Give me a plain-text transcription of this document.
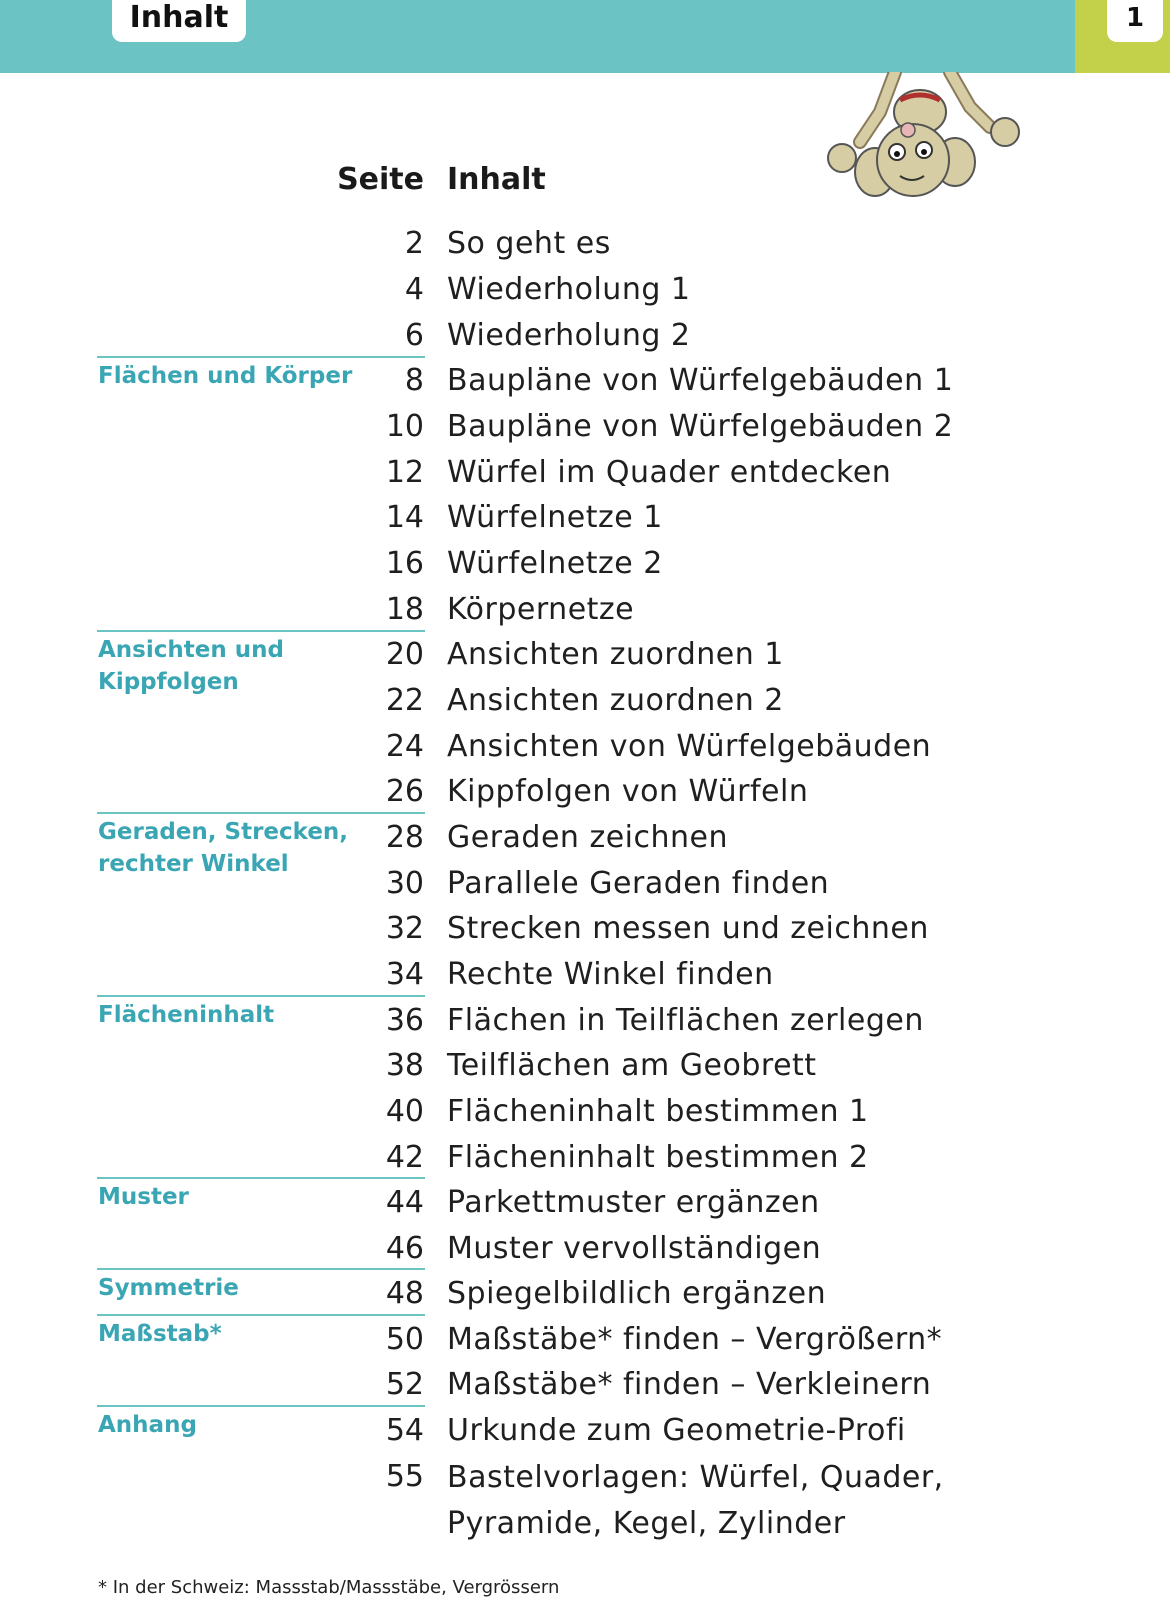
Inhalt	1
Seite Inhalt
2 So geht es
4 Wiederholung 1
6 Wiederholung 2
Flächen und Körper	8 Baupläne von Würfelgebäuden 1
10 Baupläne von Würfelgebäuden 2
12 Würfel im Quader entdecken
14 Würfelnetze 1
16 Würfelnetze 2
18 Körpernetze
Ansichten und Kippfolgen
20 Ansichten zuordnen 1
22 Ansichten zuordnen 2
24 Ansichten von Würfelgebäuden
26 Kippfolgen von Würfeln
Geraden, Strecken, rechter Winkel
28 Geraden zeichnen
30 Parallele Geraden finden
32 Strecken messen und zeichnen
34 Rechte Winkel finden
Flächeninhalt	36 Flächen in Teilflächen zerlegen
38 Teilflächen am Geobrett
40 Flächeninhalt bestimmen 1
42 Flächeninhalt bestimmen 2
Muster	44 Parkettmuster ergänzen
46 Muster vervollständigen
Symmetrie	48 Spiegelbildlich ergänzen
Maßstab*	50 Maßstäbe* finden – Vergrößern*
52 Maßstäbe* finden – Verkleinern
Anhang	54 Urkunde zum Geometrie-Profi
55 Bastelvorlagen: Würfel, Quader, Pyramide, Kegel, Zylinder
* In der Schweiz: Massstab/Massstäbe, Vergrössern
